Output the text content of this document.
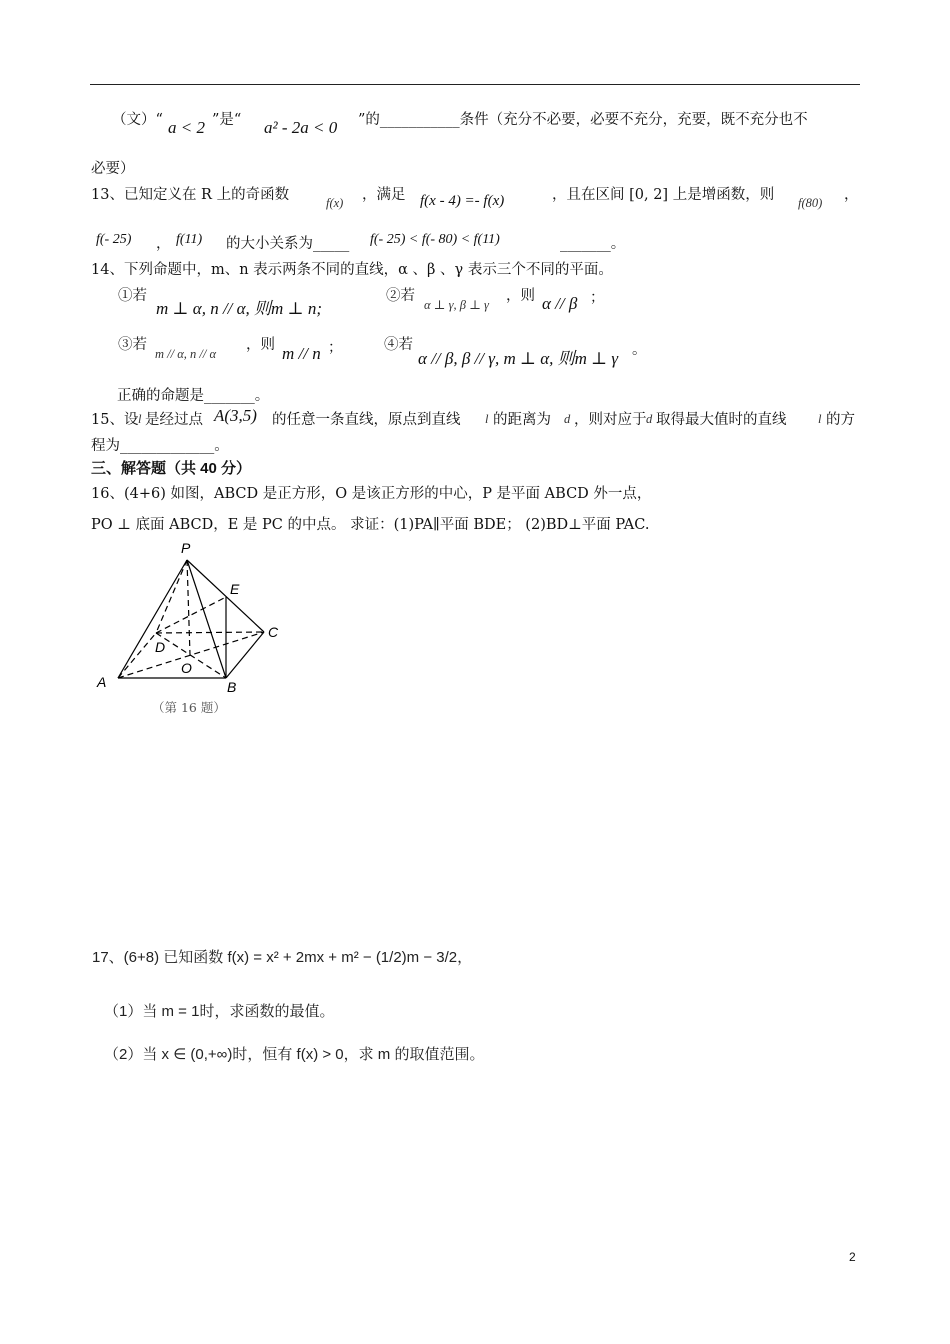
（文）“ a < 2 ”是“ a² - 2a < 0 ”的___________条件（充分不必要，必要不充分，充要，既不充分也不
必要）
13、已知定义在 R 上的奇函数	f(x) ，满足 f(x - 4) =- f(x)	，且在区间 [0, 2] 上是增函数，则 f(80) ，
f(- 25) ， f(11) 的大小关系为_____ f(- 25) < f(- 80) < f(11)	_______。
14、下列命题中，m、n 表示两条不同的直线，α 、β 、γ 表示三个不同的平面。
①若
m ⊥ α, n // α, 则m ⊥ n;
②若
α ⊥ γ, β ⊥ γ
，则 α // β ；
③若
m // α, n // α
，则 m // n ；	④若
α // β, β // γ, m ⊥ α, 则m ⊥ γ 。
正确的命题是_______。
15、设 l 是经过点 A(3,5) 的任意一条直线，原点到直线 l 的距离为 d ，则对应于 d 取得最大值时的直线	l 的方
程为_____________。
三、解答题（共 40 分）
16、(4+6) 如图，ABCD 是正方形，O 是该正方形的中心，P 是平面 ABCD 外一点，
PO ⊥ 底面 ABCD，E 是 PC 的中点。 求证：(1)PA∥平面 BDE； (2)BD⊥平面 PAC.
P
E
C
D
O
A	B
（第 16 题）
17、(6+8) 已知函数 f(x) = x² + 2mx + m² − (1/2)m − 3/2，
（1）当 m = 1时，求函数的最值。
（2）当 x ∈ (0,+∞)时，恒有 f(x) > 0，求 m 的取值范围。
2
